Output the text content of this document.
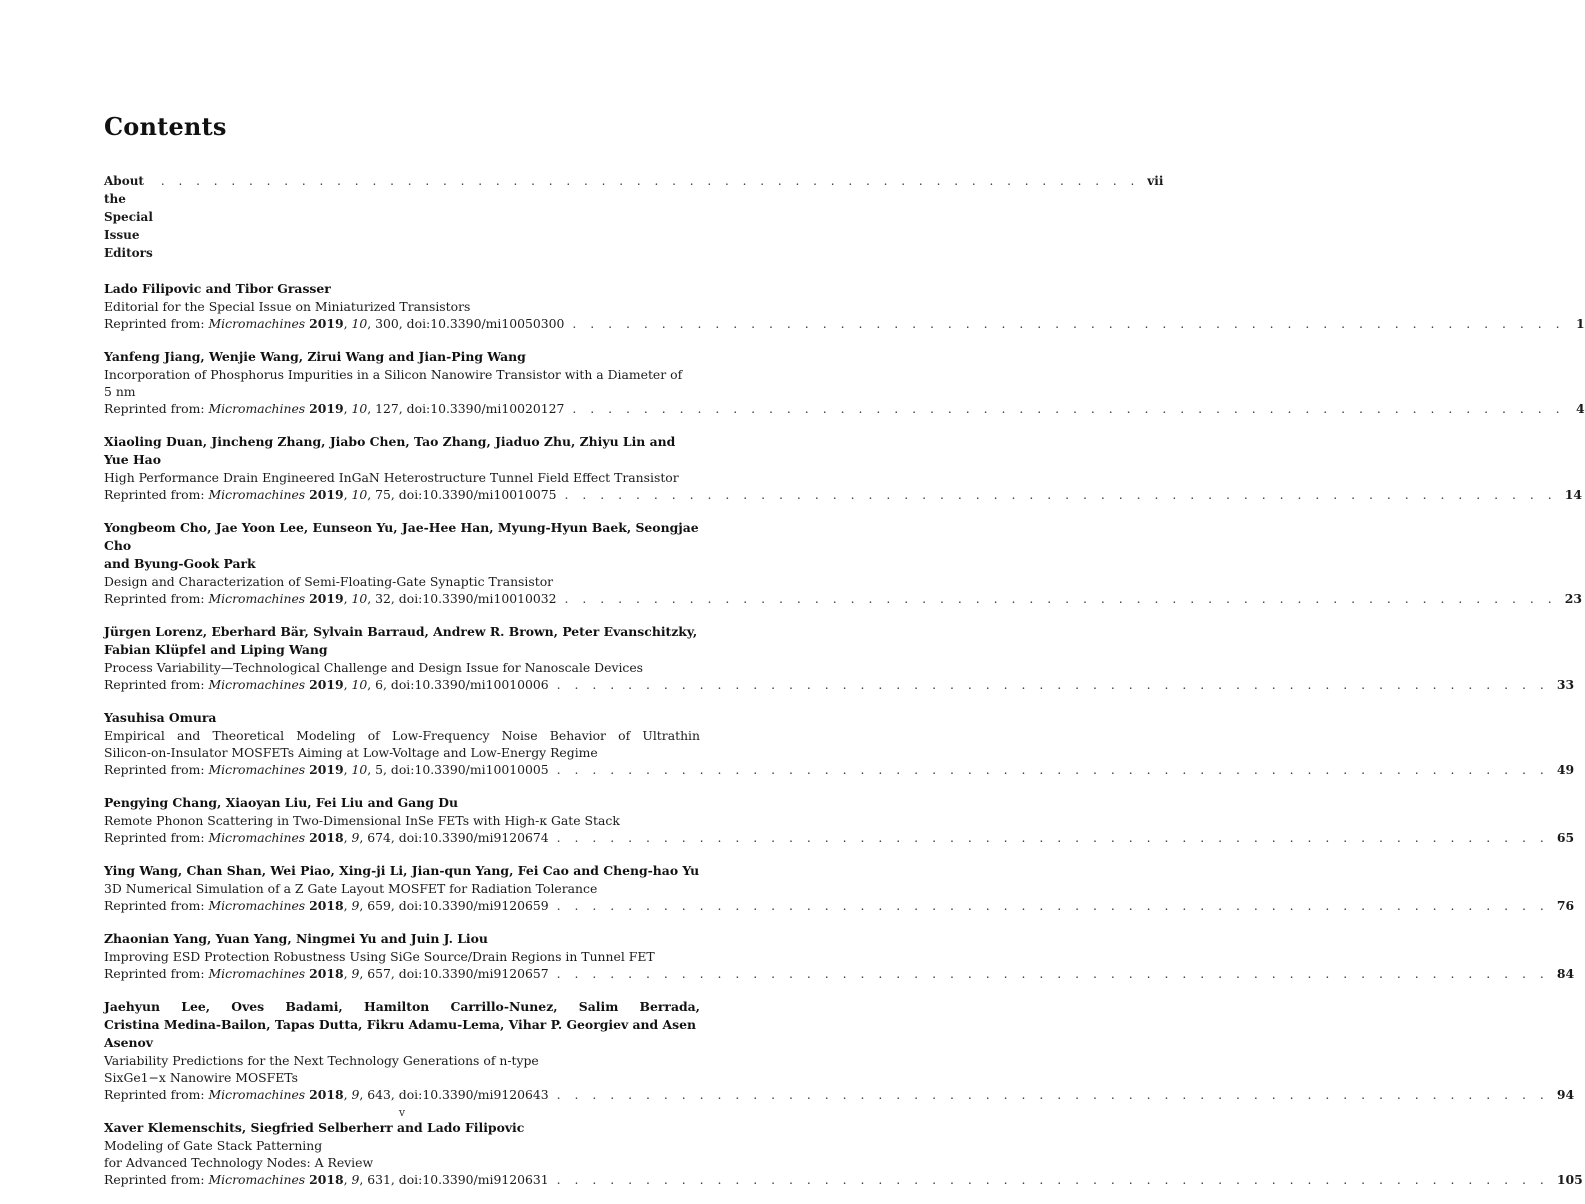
Contents
About the Special Issue Editors
. . . . . . . . . . . . . . . . . . . . . . . . . . . . . . . . . . . . . . . . . . . . . . . . . . . . . . . . vii
Lado Filipovic and Tibor Grasser
Editorial for the Special Issue on Miniaturized Transistors
Reprinted from: Micromachines 2019, 10, 300, doi:10.3390/mi10050300 . . . . . . . . . . . . . . . . . . . . . . . . . . . . . . . . . . . . . . . . . . . . . . . . . . . . . . . . 1
Yanfeng Jiang, Wenjie Wang, Zirui Wang and Jian-Ping Wang
Incorporation of Phosphorus Impurities in a Silicon Nanowire Transistor with a Diameter of
5 nm
Reprinted from: Micromachines 2019, 10, 127, doi:10.3390/mi10020127 . . . . . . . . . . . . . . . . . . . . . . . . . . . . . . . . . . . . . . . . . . . . . . . . . . . . . . . . 4
Xiaoling Duan, Jincheng Zhang, Jiabo Chen, Tao Zhang, Jiaduo Zhu, Zhiyu Lin and Yue Hao
High Performance Drain Engineered InGaN Heterostructure Tunnel Field Effect Transistor
Reprinted from: Micromachines 2019, 10, 75, doi:10.3390/mi10010075 . . . . . . . . . . . . . . . . . . . . . . . . . . . . . . . . . . . . . . . . . . . . . . . . . . . . . . . . 14
Yongbeom Cho, Jae Yoon Lee, Eunseon Yu, Jae-Hee Han, Myung-Hyun Baek, Seongjae Cho
and Byung-Gook Park
Design and Characterization of Semi-Floating-Gate Synaptic Transistor
Reprinted from: Micromachines 2019, 10, 32, doi:10.3390/mi10010032 . . . . . . . . . . . . . . . . . . . . . . . . . . . . . . . . . . . . . . . . . . . . . . . . . . . . . . . . 23
Jürgen Lorenz, Eberhard Bär, Sylvain Barraud, Andrew R. Brown, Peter Evanschitzky,
Fabian Klüpfel and Liping Wang
Process Variability—Technological Challenge and Design Issue for Nanoscale Devices
Reprinted from: Micromachines 2019, 10, 6, doi:10.3390/mi10010006 . . . . . . . . . . . . . . . . . . . . . . . . . . . . . . . . . . . . . . . . . . . . . . . . . . . . . . . . 33
Yasuhisa Omura
Empirical and Theoretical Modeling of Low-Frequency Noise Behavior of Ultrathin
Silicon-on-Insulator MOSFETs Aiming at Low-Voltage and Low-Energy Regime
Reprinted from: Micromachines 2019, 10, 5, doi:10.3390/mi10010005 . . . . . . . . . . . . . . . . . . . . . . . . . . . . . . . . . . . . . . . . . . . . . . . . . . . . . . . . 49
Pengying Chang, Xiaoyan Liu, Fei Liu and Gang Du
Remote Phonon Scattering in Two-Dimensional InSe FETs with High-κ Gate Stack
Reprinted from: Micromachines 2018, 9, 674, doi:10.3390/mi9120674 . . . . . . . . . . . . . . . . . . . . . . . . . . . . . . . . . . . . . . . . . . . . . . . . . . . . . . . . 65
Ying Wang, Chan Shan, Wei Piao, Xing-ji Li, Jian-qun Yang, Fei Cao and Cheng-hao Yu
3D Numerical Simulation of a Z Gate Layout MOSFET for Radiation Tolerance
Reprinted from: Micromachines 2018, 9, 659, doi:10.3390/mi9120659 . . . . . . . . . . . . . . . . . . . . . . . . . . . . . . . . . . . . . . . . . . . . . . . . . . . . . . . . 76
Zhaonian Yang, Yuan Yang, Ningmei Yu and Juin J. Liou
Improving ESD Protection Robustness Using SiGe Source/Drain Regions in Tunnel FET
Reprinted from: Micromachines 2018, 9, 657, doi:10.3390/mi9120657 . . . . . . . . . . . . . . . . . . . . . . . . . . . . . . . . . . . . . . . . . . . . . . . . . . . . . . . . 84
Jaehyun Lee, Oves Badami, Hamilton Carrillo-Nunez, Salim Berrada,
Cristina Medina-Bailon, Tapas Dutta, Fikru Adamu-Lema, Vihar P. Georgiev and Asen Asenov
Variability Predictions for the Next Technology Generations of n-type
SixGe1−x Nanowire MOSFETs
Reprinted from: Micromachines 2018, 9, 643, doi:10.3390/mi9120643 . . . . . . . . . . . . . . . . . . . . . . . . . . . . . . . . . . . . . . . . . . . . . . . . . . . . . . . . 94
Xaver Klemenschits, Siegfried Selberherr and Lado Filipovic
Modeling of Gate Stack Patterning
for Advanced Technology Nodes: A Review
Reprinted from: Micromachines 2018, 9, 631, doi:10.3390/mi9120631 . . . . . . . . . . . . . . . . . . . . . . . . . . . . . . . . . . . . . . . . . . . . . . . . . . . . . . . . 105
v
